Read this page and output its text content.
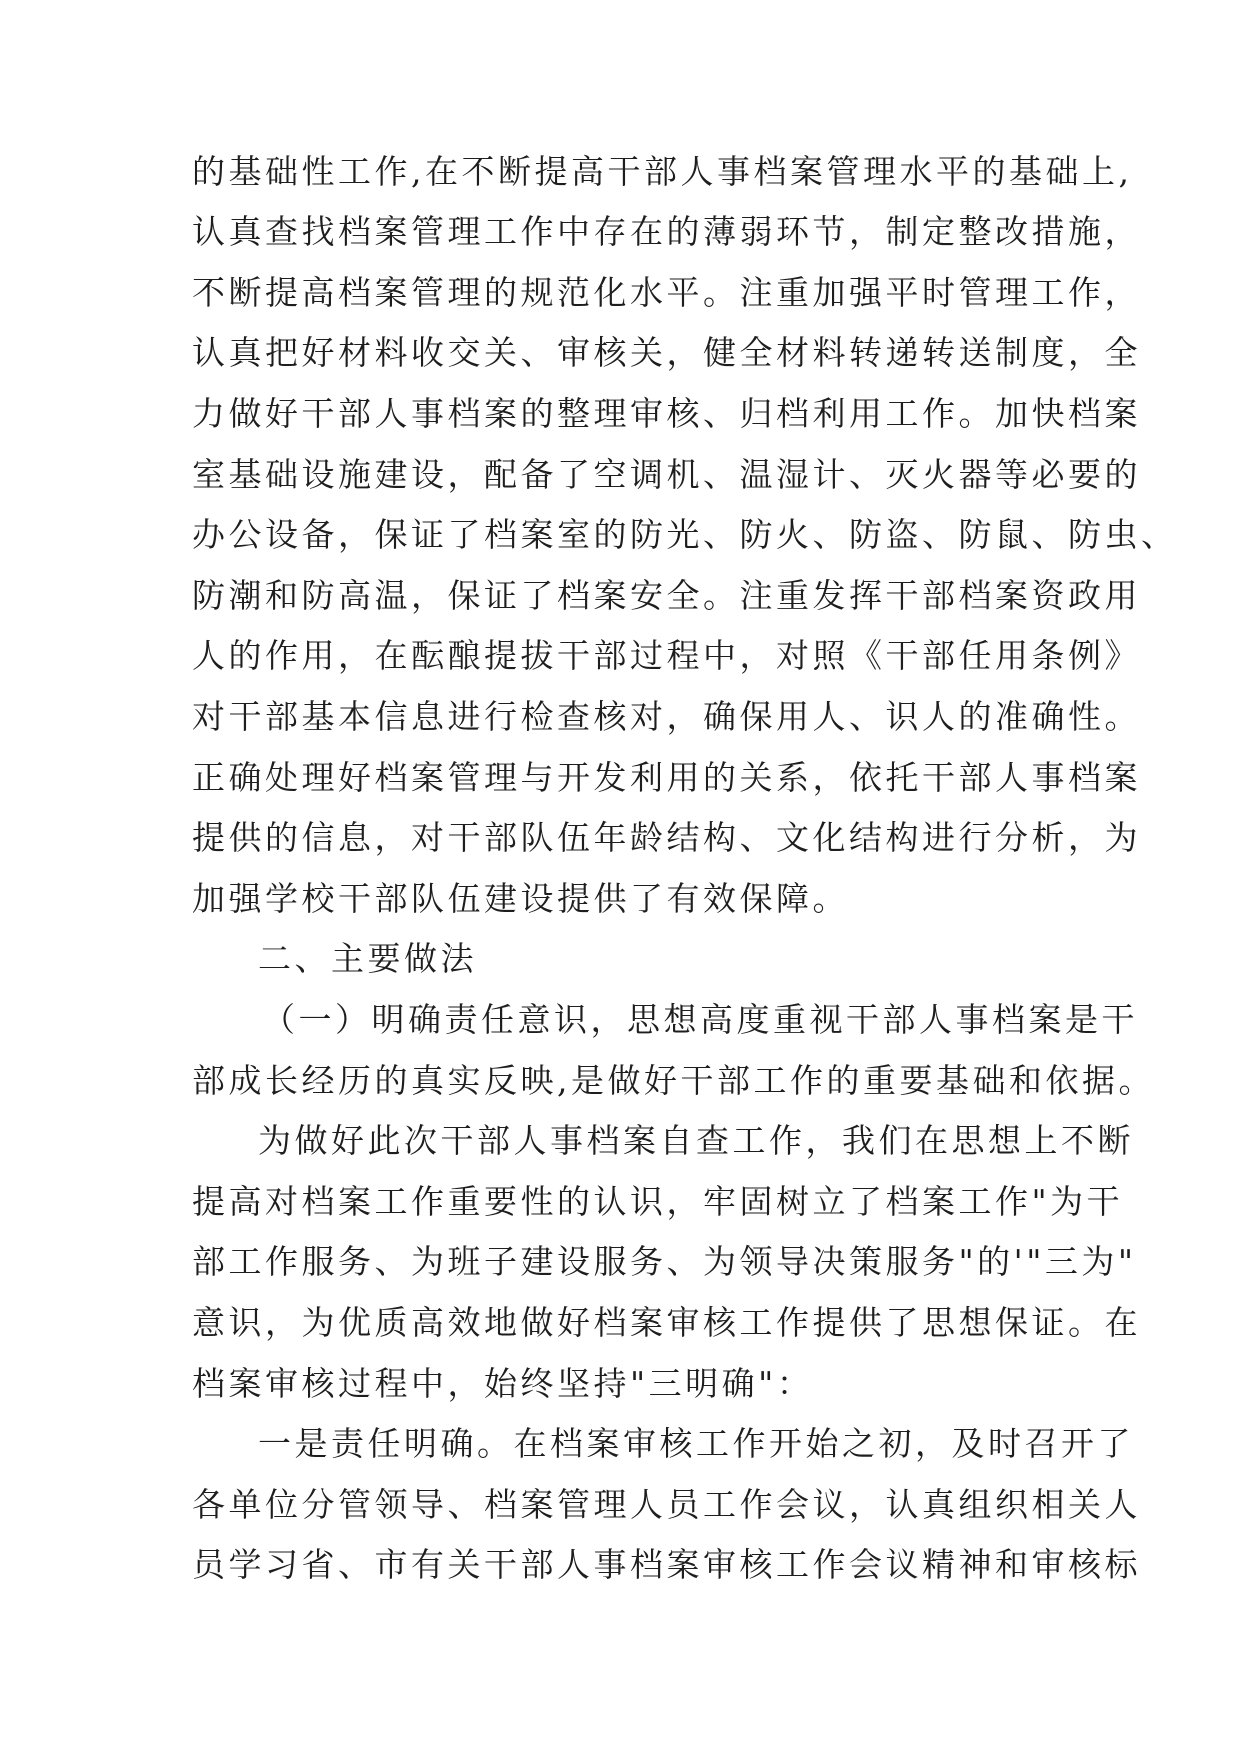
的基础性工作,在不断提高干部人事档案管理水平的基础上,
认真查找档案管理工作中存在的薄弱环节，制定整改措施，
不断提高档案管理的规范化水平。注重加强平时管理工作，
认真把好材料收交关、审核关，健全材料转递转送制度，全
力做好干部人事档案的整理审核、归档利用工作。加快档案
室基础设施建设，配备了空调机、温湿计、灭火器等必要的
办公设备，保证了档案室的防光、防火、防盗、防鼠、防虫、
防潮和防高温，保证了档案安全。注重发挥干部档案资政用
人的作用，在酝酿提拔干部过程中，对照《干部任用条例》
对干部基本信息进行检查核对，确保用人、识人的准确性。
正确处理好档案管理与开发利用的关系，依托干部人事档案
提供的信息，对干部队伍年龄结构、文化结构进行分析，为
加强学校干部队伍建设提供了有效保障。
二、主要做法
（一）明确责任意识，思想高度重视干部人事档案是干
部成长经历的真实反映,是做好干部工作的重要基础和依据。
为做好此次干部人事档案自查工作，我们在思想上不断
提高对档案工作重要性的认识，牢固树立了档案工作"为干
部工作服务、为班子建设服务、为领导决策服务"的'"三为"
意识，为优质高效地做好档案审核工作提供了思想保证。在
档案审核过程中，始终坚持"三明确"：
一是责任明确。在档案审核工作开始之初，及时召开了
各单位分管领导、档案管理人员工作会议，认真组织相关人
员学习省、市有关干部人事档案审核工作会议精神和审核标
